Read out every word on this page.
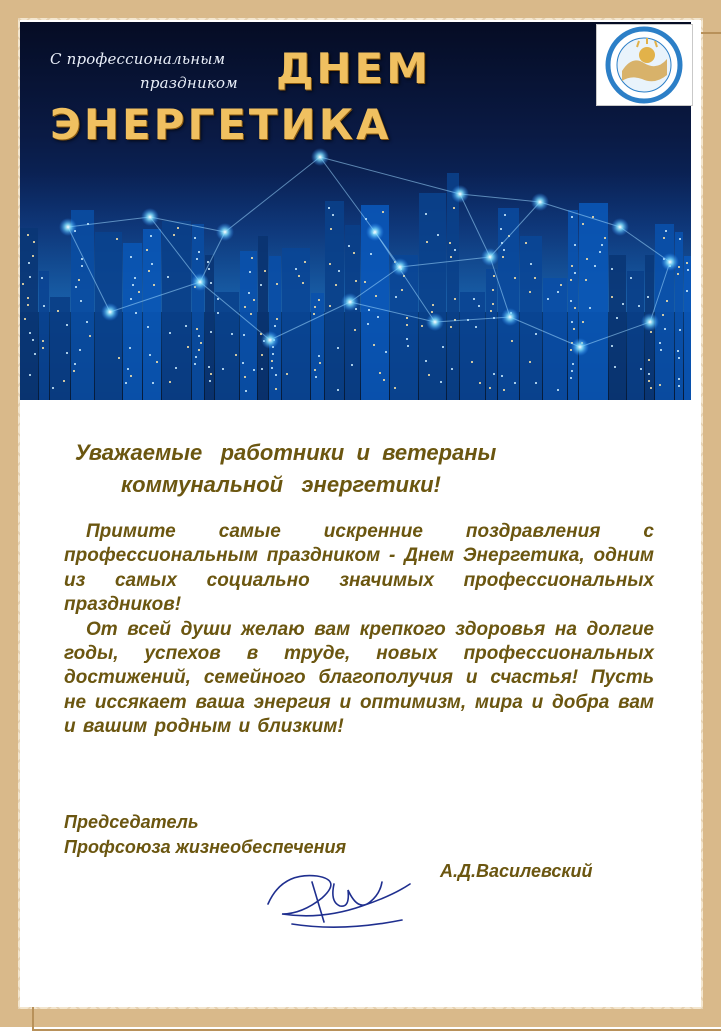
С профессиональным
праздником ДНЕМ
ЭНЕРГЕТИКА
Уважаемые   работники  и  ветераны
коммунальной   энергетики!

Примите самые искренние поздравления с профессиональным праздником - Днем Энергетика, одним из самых социально значимых профессиональных праздников!

От всей души желаю вам крепкого здоровья на долгие годы, успехов в труде, новых профессиональных достижений, семейного благополучия и счастья! Пусть не иссякает ваша энергия и оптимизм, мира и добра вам и вашим родным и близким!

Председатель
Профсоюза жизнеобеспечения
А.Д.Василевский
